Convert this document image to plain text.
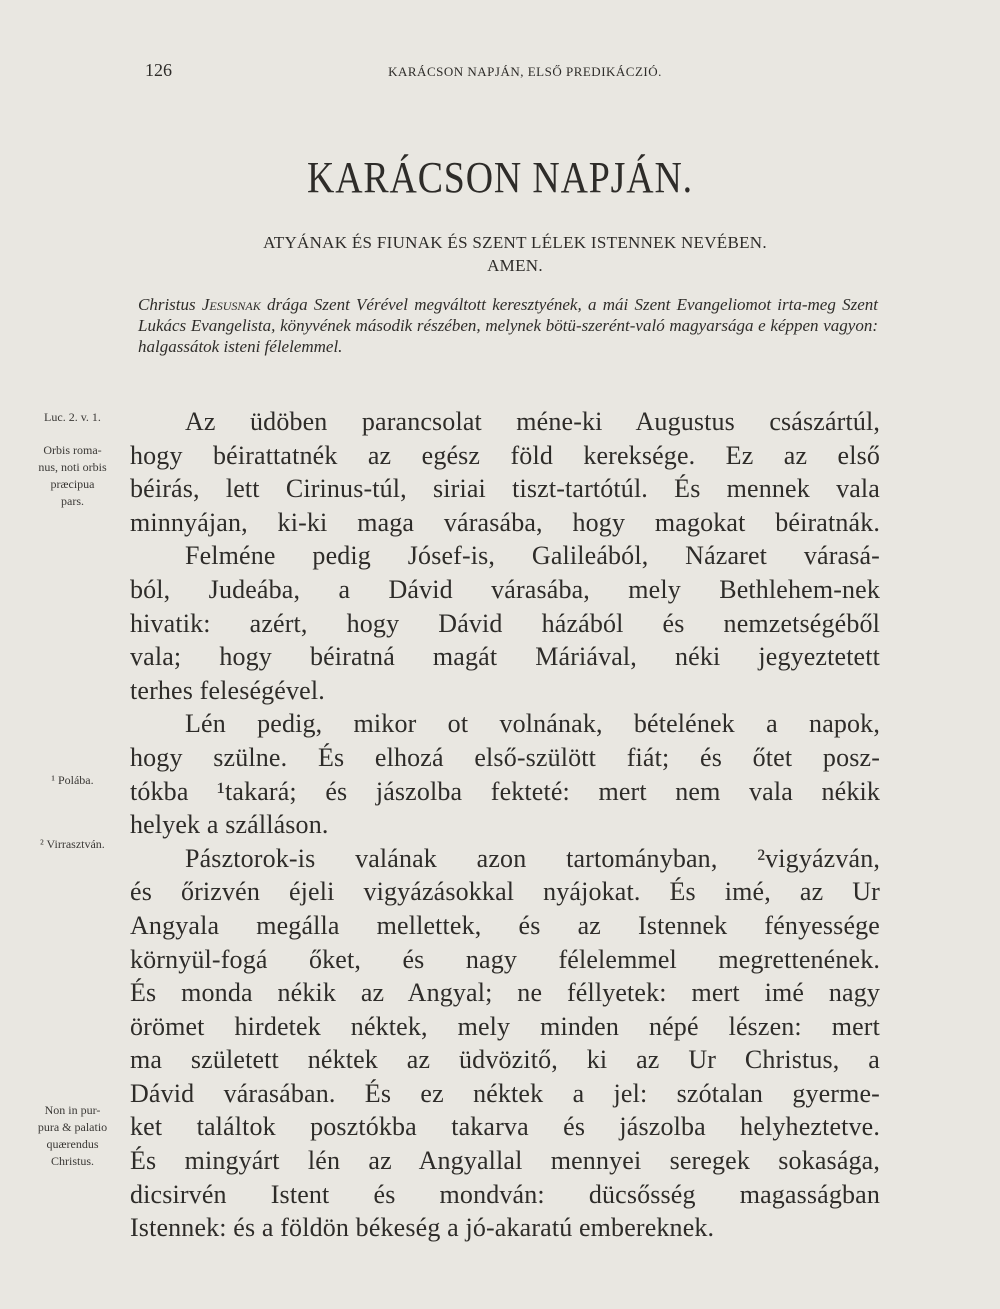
126	KARÁCSON NAPJÁN, ELSŐ PREDIKÁCZIÓ.
KARÁCSON NAPJÁN.
ATYÁNAK ÉS FIUNAK ÉS SZENT LÉLEK ISTENNEK NEVÉBEN.
AMEN.
Christus Jesusnak drága Szent Vérével megváltott keresztyének, a mái Szent Evangeliomot irta-meg Szent Lukács Evangelista, könyvének második részében, melynek bötü-szerént-való magyarsága e képpen vagyon: halgassátok isteni félelemmel.
Luc. 2. v. 1.
Orbis roma-
nus, noti orbis
præcipua
pars.
¹ Polába.
² Virrasztván.
Non in pur-
pura & palatio
quærendus
Christus.
Az üdöben parancsolat méne-ki Augustus császártúl,
hogy béirattatnék az egész föld kereksége. Ez az első
béirás, lett Cirinus-túl, siriai tiszt-tartótúl. És mennek vala
minnyájan, ki-ki maga várasába, hogy magokat béiratnák.
Felméne pedig Jósef-is, Galileából, Názaret várasá-
ból, Judeába, a Dávid várasába, mely Bethlehem-nek
hivatik: azért, hogy Dávid házából és nemzetségéből
vala; hogy béiratná magát Máriával, néki jegyeztetett
terhes feleségével.
Lén pedig, mikor ot volnának, bételének a napok,
hogy szülne. És elhozá első-szülött fiát; és őtet posz-
tókba ¹takará; és jászolba fekteté: mert nem vala nékik
helyek a szálláson.
Pásztorok-is valának azon tartományban, ²vigyázván,
és őrizvén éjeli vigyázásokkal nyájokat. És imé, az Ur
Angyala megálla mellettek, és az Istennek fényessége
környül-fogá őket, és nagy félelemmel megrettenének.
És monda nékik az Angyal; ne féllyetek: mert imé nagy
örömet hirdetek néktek, mely minden népé lészen: mert
ma született néktek az üdvözitő, ki az Ur Christus, a
Dávid várasában. És ez néktek a jel: szótalan gyerme-
ket találtok posztókba takarva és jászolba helyheztetve.
És mingyárt lén az Angyallal mennyei seregek sokasága,
dicsirvén Istent és mondván: dücsősség magasságban
Istennek: és a földön békeség a jó-akaratú embereknek.
